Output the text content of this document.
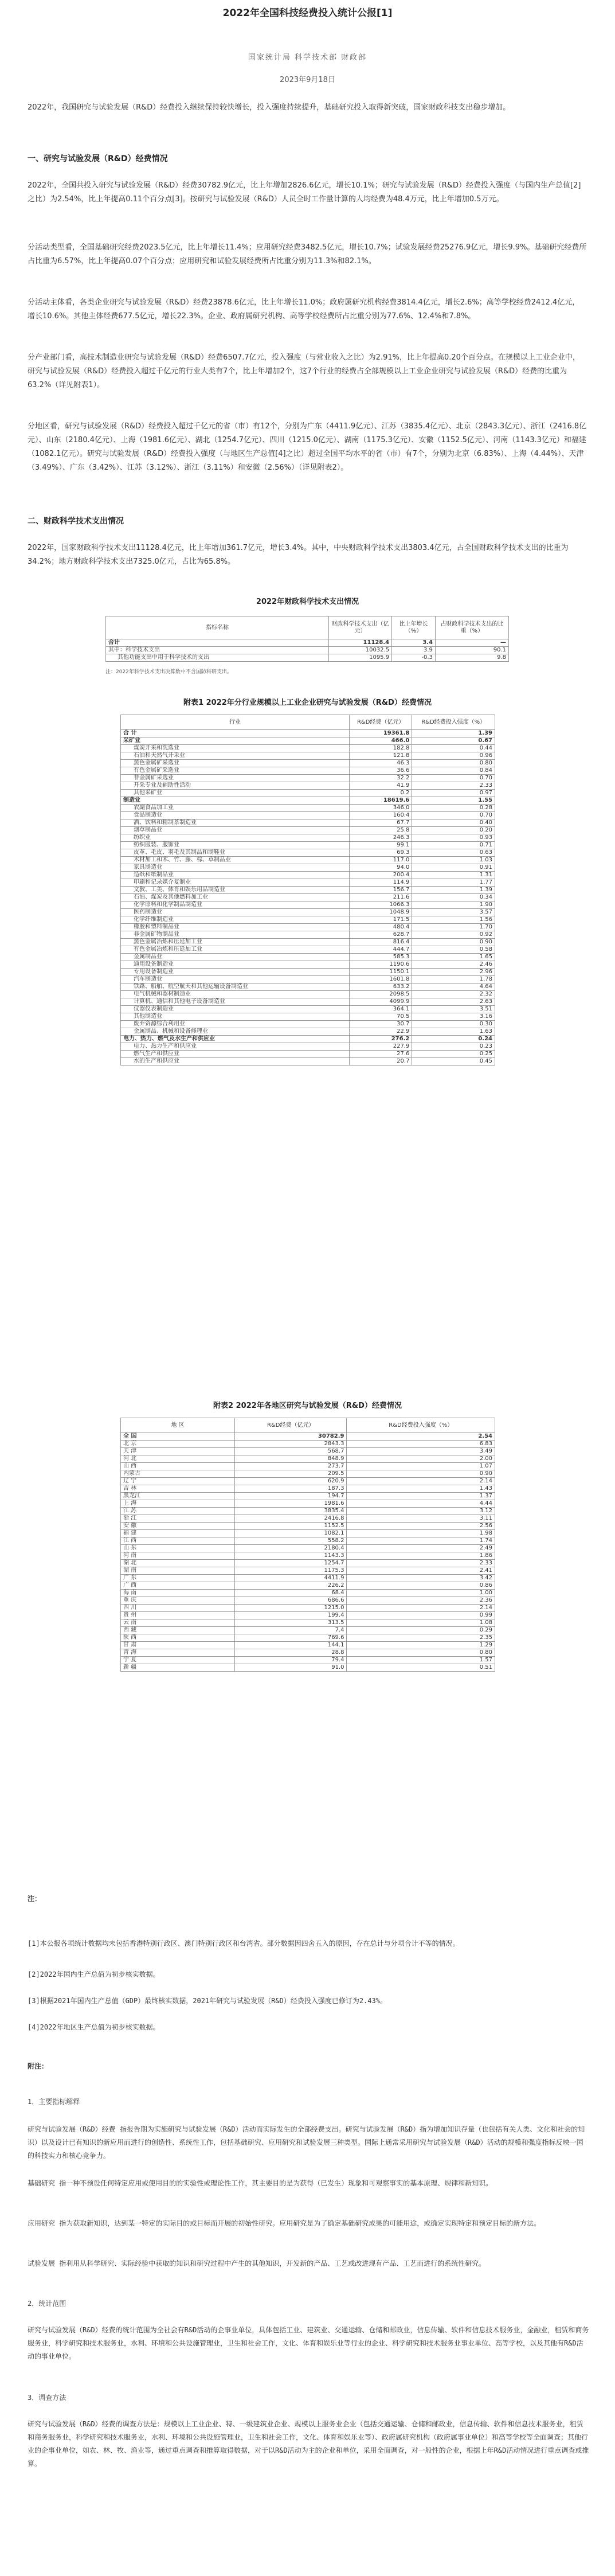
2022年全国科技经费投入统计公报[1]
国家统计局 科学技术部 财政部
2023年9月18日
2022年，我国研究与试验发展（R&D）经费投入继续保持较快增长，投入强度持续提升，基础研究投入取得新突破，国家财政科技支出稳步增加。
一、研究与试验发展（R&D）经费情况
2022年，全国共投入研究与试验发展（R&D）经费30782.9亿元，比上年增加2826.6亿元，增长10.1%；研究与试验发展（R&D）经费投入强度（与国内生产总值[2]之比）为2.54%，比上年提高0.11个百分点[3]。按研究与试验发展（R&D）人员全时工作量计算的人均经费为48.4万元，比上年增加0.5万元。
分活动类型看，全国基础研究经费2023.5亿元，比上年增长11.4%；应用研究经费3482.5亿元，增长10.7%；试验发展经费25276.9亿元，增长9.9%。基础研究经费所占比重为6.57%，比上年提高0.07个百分点；应用研究和试验发展经费所占比重分别为11.3%和82.1%。
分活动主体看，各类企业研究与试验发展（R&D）经费23878.6亿元，比上年增长11.0%；政府属研究机构经费3814.4亿元，增长2.6%；高等学校经费2412.4亿元，增长10.6%。其他主体经费677.5亿元，增长22.3%。企业、政府属研究机构、高等学校经费所占比重分别为77.6%、12.4%和7.8%。
分产业部门看，高技术制造业研究与试验发展（R&D）经费6507.7亿元，投入强度（与营业收入之比）为2.91%，比上年提高0.20个百分点。在规模以上工业企业中，研究与试验发展（R&D）经费投入超过千亿元的行业大类有7个，比上年增加2个，这7个行业的经费占全部规模以上工业企业研究与试验发展（R&D）经费的比重为63.2%（详见附表1）。
分地区看，研究与试验发展（R&D）经费投入超过千亿元的省（市）有12个，分别为广东（4411.9亿元）、江苏（3835.4亿元）、北京（2843.3亿元）、浙江（2416.8亿元）、山东（2180.4亿元）、上海（1981.6亿元）、湖北（1254.7亿元）、四川（1215.0亿元）、湖南（1175.3亿元）、安徽（1152.5亿元）、河南（1143.3亿元）和福建（1082.1亿元）。研究与试验发展（R&D）经费投入强度（与地区生产总值[4]之比）超过全国平均水平的省（市）有7个，分别为北京（6.83%）、上海（4.44%）、天津（3.49%）、广东（3.42%）、江苏（3.12%）、浙江（3.11%）和安徽（2.56%）（详见附表2）。
二、财政科学技术支出情况
2022年，国家财政科学技术支出11128.4亿元，比上年增加361.7亿元，增长3.4%。其中，中央财政科学技术支出3803.4亿元，占全国财政科学技术支出的比重为34.2%；地方财政科学技术支出7325.0亿元，占比为65.8%。
2022年财政科学技术支出情况
指标名称	财政科学技术支出（亿元）	比上年增长（%）	占财政科学技术支出的比重（%）
合计	11128.4	3.4	—
其中：科学技术支出	10032.5	3.9	90.1
其他功能支出中用于科学技术的支出	1095.9	-0.3	9.8
注：2022年科学技术支出决算数中不含国防科研支出。
附表1 2022年分行业规模以上工业企业研究与试验发展（R&D）经费情况
行业	R&D经费（亿元）	R&D经费投入强度（%）
合 计	19361.8	1.39
采矿业	466.0	0.67
煤炭开采和洗选业	182.8	0.44
石油和天然气开采业	121.8	0.96
黑色金属矿采选业	46.3	0.80
有色金属矿采选业	36.6	0.84
非金属矿采选业	32.2	0.70
开采专业及辅助性活动	41.9	2.33
其他采矿业	0.2	0.97
制造业	18619.6	1.55
农副食品加工业	346.0	0.28
食品制造业	160.4	0.70
酒、饮料和精制茶制造业	67.7	0.40
烟草制品业	25.8	0.20
纺织业	246.3	0.93
纺织服装、服饰业	99.1	0.71
皮革、毛皮、羽毛及其制品和制鞋业	69.3	0.63
木材加工和木、竹、藤、棕、草制品业	117.0	1.03
家具制造业	94.0	0.91
造纸和纸制品业	200.4	1.31
印刷和记录媒介复制业	114.9	1.77
文教、工美、体育和娱乐用品制造业	156.7	1.39
石油、煤炭及其他燃料加工业	211.6	0.34
化学原料和化学制品制造业	1066.3	1.90
医药制造业	1048.9	3.57
化学纤维制造业	171.5	1.56
橡胶和塑料制品业	480.4	1.70
非金属矿物制品业	628.7	0.92
黑色金属冶炼和压延加工业	816.4	0.90
有色金属冶炼和压延加工业	444.7	0.58
金属制品业	585.3	1.65
通用设备制造业	1190.6	2.46
专用设备制造业	1150.1	2.96
汽车制造业	1601.8	1.78
铁路、船舶、航空航天和其他运输设备制造业	633.2	4.64
电气机械和器材制造业	2098.5	2.32
计算机、通信和其他电子设备制造业	4099.9	2.63
仪器仪表制造业	364.1	3.51
其他制造业	70.5	3.16
废弃资源综合利用业	30.7	0.30
金属制品、机械和设备修理业	22.9	1.63
电力、热力、燃气及水生产和供应业	276.2	0.24
电力、热力生产和供应业	227.9	0.23
燃气生产和供应业	27.6	0.25
水的生产和供应业	20.7	0.45
附表2 2022年各地区研究与试验发展（R&D）经费情况
地 区	R&D经费（亿元）	R&D经费投入强度（%）
全 国	30782.9	2.54
北 京	2843.3	6.83
天 津	568.7	3.49
河 北	848.9	2.00
山 西	273.7	1.07
内蒙古	209.5	0.90
辽 宁	620.9	2.14
吉 林	187.3	1.43
黑龙江	194.7	1.37
上 海	1981.6	4.44
江 苏	3835.4	3.12
浙 江	2416.8	3.11
安 徽	1152.5	2.56
福 建	1082.1	1.98
江 西	558.2	1.74
山 东	2180.4	2.49
河 南	1143.3	1.86
湖 北	1254.7	2.33
湖 南	1175.3	2.41
广 东	4411.9	3.42
广 西	226.2	0.86
海 南	68.4	1.00
重 庆	686.6	2.36
四 川	1215.0	2.14
贵 州	199.4	0.99
云 南	313.5	1.08
西 藏	7.4	0.29
陕 西	769.6	2.35
甘 肃	144.1	1.29
青 海	28.8	0.80
宁 夏	79.4	1.57
新 疆	91.0	0.51
注：
[1]本公报各项统计数据均未包括香港特别行政区、澳门特别行政区和台湾省。部分数据因四舍五入的原因，存在总计与分项合计不等的情况。
[2]2022年国内生产总值为初步核实数据。
[3]根据2021年国内生产总值（GDP）最终核实数据，2021年研究与试验发展（R&D）经费投入强度已修订为2.43%。
[4]2022年地区生产总值为初步核实数据。
附注：
1．主要指标解释
研究与试验发展（R&D）经费 指报告期为实施研究与试验发展（R&D）活动而实际发生的全部经费支出。研究与试验发展（R&D）指为增加知识存量（也包括有关人类、文化和社会的知识）以及设计已有知识的新应用而进行的创造性、系统性工作，包括基础研究、应用研究和试验发展三种类型。国际上通常采用研究与试验发展（R&D）活动的规模和强度指标反映一国的科技实力和核心竞争力。
基础研究 指一种不预设任何特定应用或使用目的的实验性或理论性工作，其主要目的是为获得（已发生）现象和可观察事实的基本原理、规律和新知识。
应用研究 指为获取新知识，达到某一特定的实际目的或目标而开展的初始性研究。应用研究是为了确定基础研究成果的可能用途，或确定实现特定和预定目标的新方法。
试验发展 指利用从科学研究、实际经验中获取的知识和研究过程中产生的其他知识，开发新的产品、工艺或改进现有产品、工艺而进行的系统性研究。
2．统计范围
研究与试验发展（R&D）经费的统计范围为全社会有R&D活动的企事业单位，具体包括工业、建筑业、交通运输、仓储和邮政业，信息传输、软件和信息技术服务业，金融业，租赁和商务服务业，科学研究和技术服务业，水利、环境和公共设施管理业，卫生和社会工作，文化、体育和娱乐业等行业的企业、科学研究和技术服务业事业单位、高等学校，以及其他有R&D活动的事业单位。
3．调查方法
研究与试验发展（R&D）经费的调查方法是：规模以上工业企业、特、一级建筑业企业、规模以上服务业企业（包括交通运输、仓储和邮政业，信息传输、软件和信息技术服务业，租赁和商务服务业，科学研究和技术服务业，水利、环境和公共设施管理业，卫生和社会工作，文化、体育和娱乐业等）、政府属研究机构（政府属事业单位）和高等学校等全面调查；其他行业的企事业单位，如农、林、牧、渔业等，通过重点调查和推算取得数据，对于以R&D活动为主的企业和单位，采用全面调查，对一般性的企业，根据上年R&D活动情况进行重点调查或推算。
